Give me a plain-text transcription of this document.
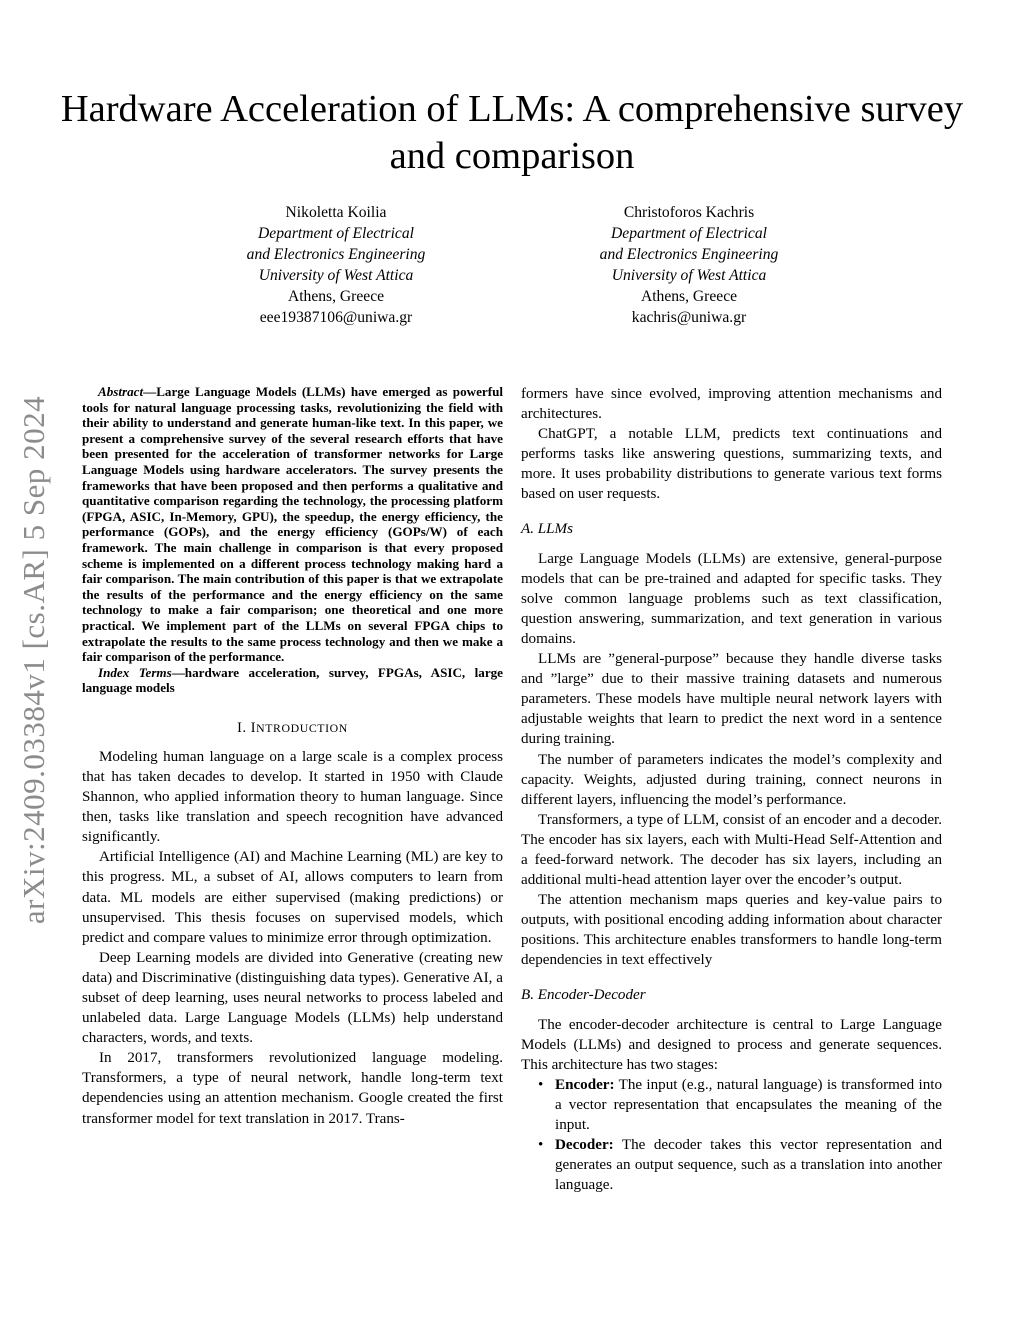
Hardware Acceleration of LLMs: A comprehensive survey and comparison
Nikoletta Koilia
Department of Electrical
and Electronics Engineering
University of West Attica
Athens, Greece
eee19387106@uniwa.gr
Christoforos Kachris
Department of Electrical
and Electronics Engineering
University of West Attica
Athens, Greece
kachris@uniwa.gr
arXiv:2409.03384v1 [cs.AR] 5 Sep 2024

Abstract—Large Language Models (LLMs) have emerged as powerful tools for natural language processing tasks, revolutionizing the field with their ability to understand and generate human-like text. In this paper, we present a comprehensive survey of the several research efforts that have been presented for the acceleration of transformer networks for Large Language Models using hardware accelerators. The survey presents the frameworks that have been proposed and then performs a qualitative and quantitative comparison regarding the technology, the processing platform (FPGA, ASIC, In-Memory, GPU), the speedup, the energy efficiency, the performance (GOPs), and the energy efficiency (GOPs/W) of each framework. The main challenge in comparison is that every proposed scheme is implemented on a different process technology making hard a fair comparison. The main contribution of this paper is that we extrapolate the results of the performance and the energy efficiency on the same technology to make a fair comparison; one theoretical and one more practical. We implement part of the LLMs on several FPGA chips to extrapolate the results to the same process technology and then we make a fair comparison of the performance.

Index Terms—hardware acceleration, survey, FPGAs, ASIC, large language models

I. INTRODUCTION

Modeling human language on a large scale is a complex process that has taken decades to develop. It started in 1950 with Claude Shannon, who applied information theory to human language. Since then, tasks like translation and speech recognition have advanced significantly.

Artificial Intelligence (AI) and Machine Learning (ML) are key to this progress. ML, a subset of AI, allows computers to learn from data. ML models are either supervised (making predictions) or unsupervised. This thesis focuses on supervised models, which predict and compare values to minimize error through optimization.

Deep Learning models are divided into Generative (creating new data) and Discriminative (distinguishing data types). Generative AI, a subset of deep learning, uses neural networks to process labeled and unlabeled data. Large Language Models (LLMs) help understand characters, words, and texts.

In 2017, transformers revolutionized language modeling. Transformers, a type of neural network, handle long-term text dependencies using an attention mechanism. Google created the first transformer model for text translation in 2017. Trans-

formers have since evolved, improving attention mechanisms and architectures.

ChatGPT, a notable LLM, predicts text continuations and performs tasks like answering questions, summarizing texts, and more. It uses probability distributions to generate various text forms based on user requests.

A. LLMs

Large Language Models (LLMs) are extensive, general-purpose models that can be pre-trained and adapted for specific tasks. They solve common language problems such as text classification, question answering, summarization, and text generation in various domains.

LLMs are ”general-purpose” because they handle diverse tasks and ”large” due to their massive training datasets and numerous parameters. These models have multiple neural network layers with adjustable weights that learn to predict the next word in a sentence during training.

The number of parameters indicates the model’s complexity and capacity. Weights, adjusted during training, connect neurons in different layers, influencing the model’s performance.

Transformers, a type of LLM, consist of an encoder and a decoder. The encoder has six layers, each with Multi-Head Self-Attention and a feed-forward network. The decoder has six layers, including an additional multi-head attention layer over the encoder’s output.

The attention mechanism maps queries and key-value pairs to outputs, with positional encoding adding information about character positions. This architecture enables transformers to handle long-term dependencies in text effectively

B. Encoder-Decoder

The encoder-decoder architecture is central to Large Language Models (LLMs) and designed to process and generate sequences. This architecture has two stages:

• Encoder: The input (e.g., natural language) is transformed into a vector representation that encapsulates the meaning of the input.
• Decoder: The decoder takes this vector representation and generates an output sequence, such as a translation into another language.
